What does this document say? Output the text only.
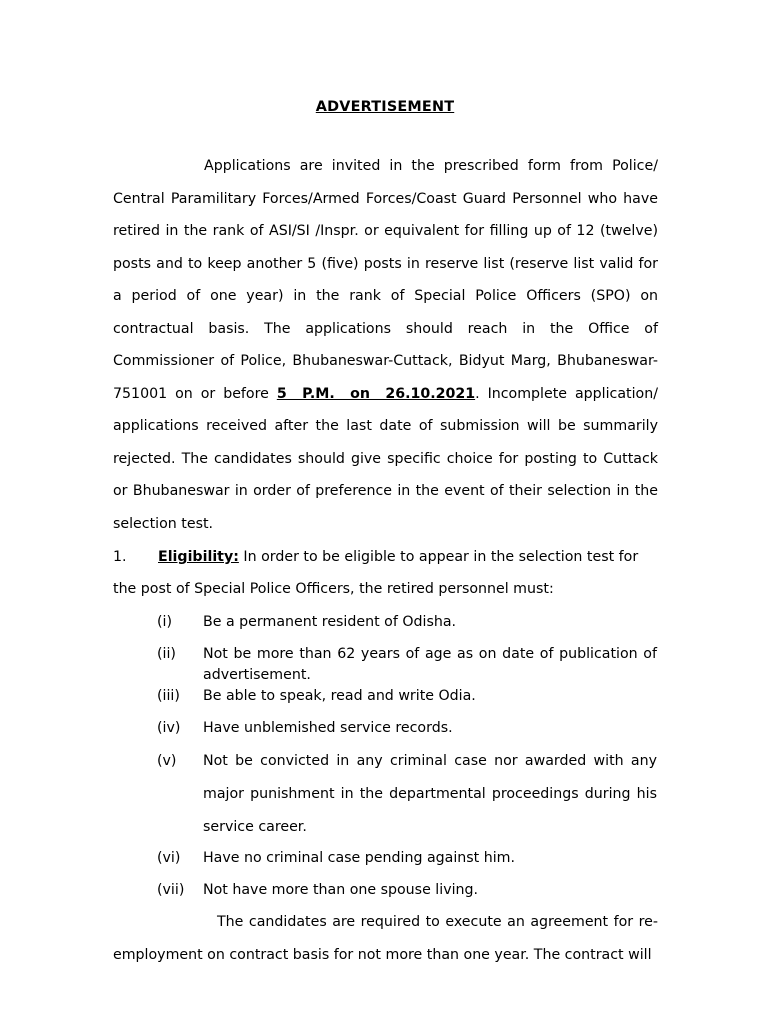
ADVERTISEMENT

Applications are invited in the prescribed form from Police/ Central Paramilitary Forces/Armed Forces/Coast Guard Personnel who have retired in the rank of ASI/SI /Inspr. or equivalent for filling up of 12 (twelve) posts and to keep another 5 (five) posts in reserve list (reserve list valid for a period of one year) in the rank of Special Police Officers (SPO) on contractual basis. The applications should reach in the Office of Commissioner of Police, Bhubaneswar-Cuttack, Bidyut Marg, Bhubaneswar-751001 on or before 5 P.M. on 26.10.2021. Incomplete application/ applications received after the last date of submission will be summarily rejected. The candidates should give specific choice for posting to Cuttack or Bhubaneswar in order of preference in the event of their selection in the selection test.

1. Eligibility: In order to be eligible to appear in the selection test for

the post of Special Police Officers, the retired personnel must:

(i) Be a permanent resident of Odisha.

(ii) Not be more than 62 years of age as on date of publication of advertisement.

(iii) Be able to speak, read and write Odia.

(iv) Have unblemished service records.

(v) Not be convicted in any criminal case nor awarded with any major punishment in the departmental proceedings during his service career.

(vi) Have no criminal case pending against him.

(vii) Not have more than one spouse living.

The candidates are required to execute an agreement for re-employment on contract basis for not more than one year. The contract will
